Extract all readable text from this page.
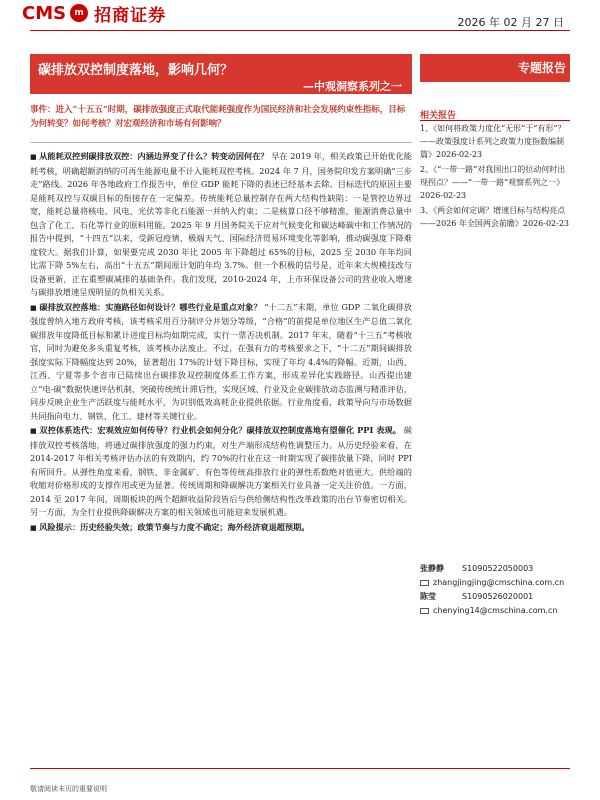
CMS m 招商证券	2026 年 02 月 27 日
碳排放双控制度落地，影响几何？
—中观洞察系列之一
专题报告
事件：进入“十五五”时期，碳排放强度正式取代能耗强度作为国民经济和社会发展约束性指标，目标为何转变？如何考核？对宏观经济和市场有何影响？

■ 从能耗双控到碳排放双控：内涵边界变了什么？转变动因何在？ 早在 2019 年，相关政策已开始优化能耗考核，明确超额消纳的可再生能源电量不计入能耗双控考核。2024 年 7 月，国务院印发方案明确“三步走”路线。2026 年各地政府工作报告中，单位 GDP 能耗下降的表述已经基本去除。目标迭代的原因主要是能耗双控与双碳目标的衔接存在一定偏差。传统能耗总量控制存在两大结构性缺陷：一是管控边界过宽，能耗总量将核电、风电、光伏等非化石能源一并纳入约束；二是核算口径不够精准，能源消费总量中包含了化工、石化等行业的原料用能。2025 年 9 月国务院关于应对气候变化和碳达峰碳中和工作情况的报告中提到，“十四五”以来，受新冠疫情、极端天气、国际经济贸易环境变化等影响，推动碳强度下降难度较大。据我们计算，如果要完成 2030 年比 2005 年下降超过 65%的目标，2025 至 2030 年年均同比需下降 5%左右，高出“十五五”期间原计划的年均 3.7%。但一个积极的信号是，近年来大规模技改与设备更新，正在重塑碳减排的基础条件。我们发现，2010-2024 年，上市环保设备公司的营业收入增速与碳排放增速呈现明显的负相关关系。

■ 碳排放双控落地：实施路径如何设计？哪些行业是重点对象？ “十二五”末期，单位 GDP 二氧化碳排放强度曾纳入地方政府考核，该考核采用百分制评分并划分等级，“合格”的前提是单位地区生产总值二氧化碳排放年度降低目标和累计进度目标均如期完成，实行一票否决机制。2017 年末，随着“十三五”考核收官，同时为避免多头重复考核，该考核办法废止。不过，在强有力的考核要求之下，“十二五”期间碳排放强度实际下降幅度达到 20%，显著超出 17%的计划下降目标，实现了年均 4.4%的降幅。近期，山西、江西、宁夏等多个省市已陆续出台碳排放双控制度体系工作方案，形成差异化实践路径。山西提出建立“电-碳”数据快速评估机制，突破传统统计滞后性，实现区域、行业及企业碳排放动态监测与精准评估，同步反映企业生产活跃度与能耗水平，为识别低效高耗企业提供依据。行业角度看，政策导向与市场数据共同指向电力、钢铁、化工、建材等关键行业。

■ 双控体系迭代：宏观效应如何传导？行业机会如何分化？碳排放双控制度落地有望催化 PPI 表现。 碳排放双控考核落地，将通过碳排放强度的强力约束，对生产端形成结构性调整压力。从历史经验来看，在 2014-2017 年相关考核评估办法的有效期内，约 70%的行业在这一时期实现了碳排放量下降，同时 PPI 有所回升。从弹性角度来看，钢铁、非金属矿、有色等传统高排放行业的弹性系数绝对值更大。供给端的收缩对价格形成的支撑作用或更为显著。传统周期和降碳解决方案相关行业具备一定关注价值。一方面，2014 至 2017 年间，周期板块的两个超额收益阶段皆后与供给侧结构性改革政策的出台节奏密切相关。另一方面，为全行业提供降碳解决方案的相关领域也可能迎来发展机遇。

■ 风险提示：历史经验失效；政策节奏与力度不确定；海外经济衰退超预期。

相关报告
1、《如何将政策力度化“无形”于“有形”？——政策强度计系列之政策力度指数编制篇》2026-02-23
2、《“一带一路”对我国出口的拉动何时出现拐点？——“一带一路”观察系列之一》2026-02-23
3、《两会如何定调？增速目标与结构亮点——2026 年全国两会前瞻》2026-02-23
张静静	S1090522050003
zhangjingjing@cmschina.com.cn
陈莹	S1090526020001
chenying14@cmschina.com.cn
敬请阅读末页的重要说明
